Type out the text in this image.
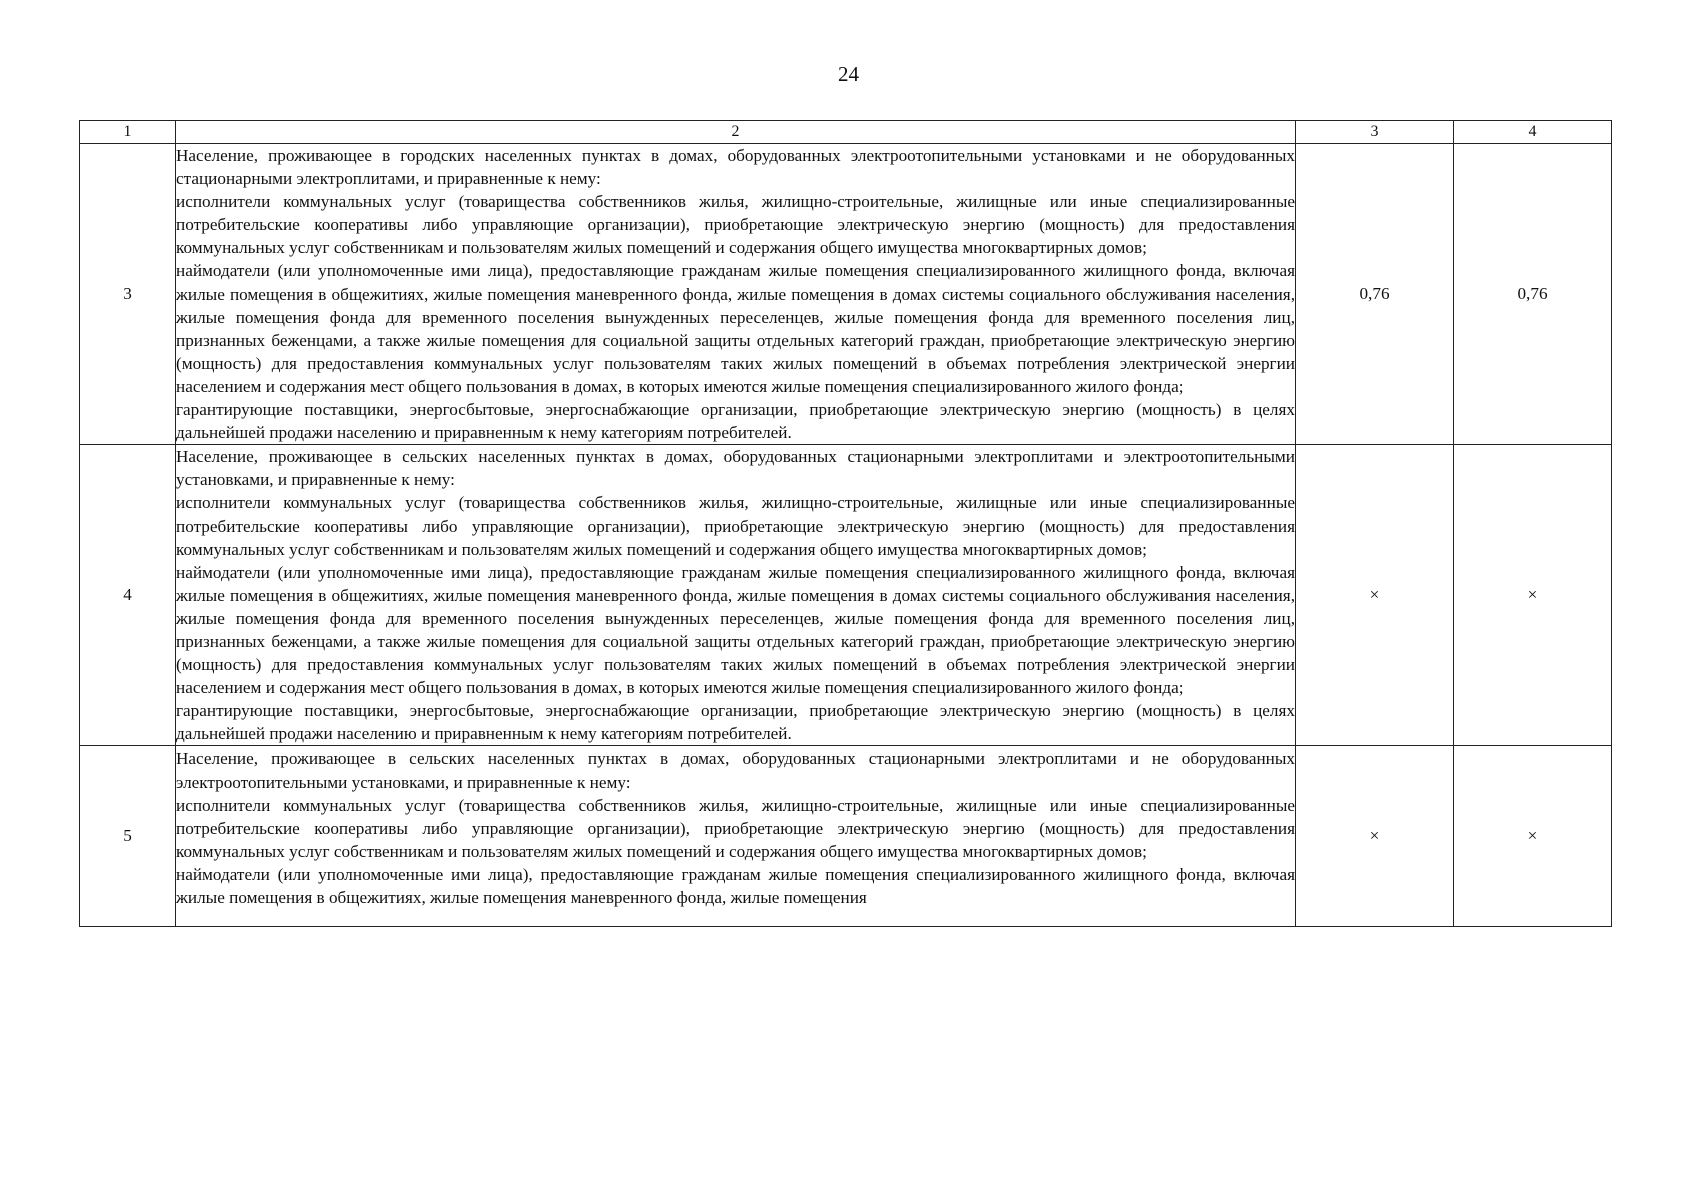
24
1	2	3	4
3	Население, проживающее в городских населенных пунктах в домах, оборудованных электроотопительными установками и не оборудованных стационарными электроплитами, и приравненные к нему:

исполнители коммунальных услуг (товарищества собственников жилья, жилищно-строительные, жилищные или иные специализированные потребительские кооперативы либо управляющие организации), приобретающие электрическую энергию (мощность) для предоставления коммунальных услуг собственникам и пользователям жилых помещений и содержания общего имущества многоквартирных домов;

наймодатели (или уполномоченные ими лица), предоставляющие гражданам жилые помещения специализированного жилищного фонда, включая жилые помещения в общежитиях, жилые помещения маневренного фонда, жилые помещения в домах системы социального обслуживания населения, жилые помещения фонда для временного поселения вынужденных переселенцев, жилые помещения фонда для временного поселения лиц, признанных беженцами, а также жилые помещения для социальной защиты отдельных категорий граждан, приобретающие электрическую энергию (мощность) для предоставления коммунальных услуг пользователям таких жилых помещений в объемах потребления электрической энергии населением и содержания мест общего пользования в домах, в которых имеются жилые помещения специализированного жилого фонда;

гарантирующие поставщики, энергосбытовые, энергоснабжающие организации, приобретающие электрическую энергию (мощность) в целях дальнейшей продажи населению и приравненным к нему категориям потребителей.	0,76	0,76
4	Население, проживающее в сельских населенных пунктах в домах, оборудованных стационарными электроплитами и электроотопительными установками, и приравненные к нему:

исполнители коммунальных услуг (товарищества собственников жилья, жилищно-строительные, жилищные или иные специализированные потребительские кооперативы либо управляющие организации), приобретающие электрическую энергию (мощность) для предоставления коммунальных услуг собственникам и пользователям жилых помещений и содержания общего имущества многоквартирных домов;

наймодатели (или уполномоченные ими лица), предоставляющие гражданам жилые помещения специализированного жилищного фонда, включая жилые помещения в общежитиях, жилые помещения маневренного фонда, жилые помещения в домах системы социального обслуживания населения, жилые помещения фонда для временного поселения вынужденных переселенцев, жилые помещения фонда для временного поселения лиц, признанных беженцами, а также жилые помещения для социальной защиты отдельных категорий граждан, приобретающие электрическую энергию (мощность) для предоставления коммунальных услуг пользователям таких жилых помещений в объемах потребления электрической энергии населением и содержания мест общего пользования в домах, в которых имеются жилые помещения специализированного жилого фонда;

гарантирующие поставщики, энергосбытовые, энергоснабжающие организации, приобретающие электрическую энергию (мощность) в целях дальнейшей продажи населению и приравненным к нему категориям потребителей.	×	×
5	Население, проживающее в сельских населенных пунктах в домах, оборудованных стационарными электроплитами и не оборудованных электроотопительными установками, и приравненные к нему:

исполнители коммунальных услуг (товарищества собственников жилья, жилищно-строительные, жилищные или иные специализированные потребительские кооперативы либо управляющие организации), приобретающие электрическую энергию (мощность) для предоставления коммунальных услуг собственникам и пользователям жилых помещений и содержания общего имущества многоквартирных домов;

наймодатели (или уполномоченные ими лица), предоставляющие гражданам жилые помещения специализированного жилищного фонда, включая жилые помещения в общежитиях, жилые помещения маневренного фонда, жилые помещения	×	×
